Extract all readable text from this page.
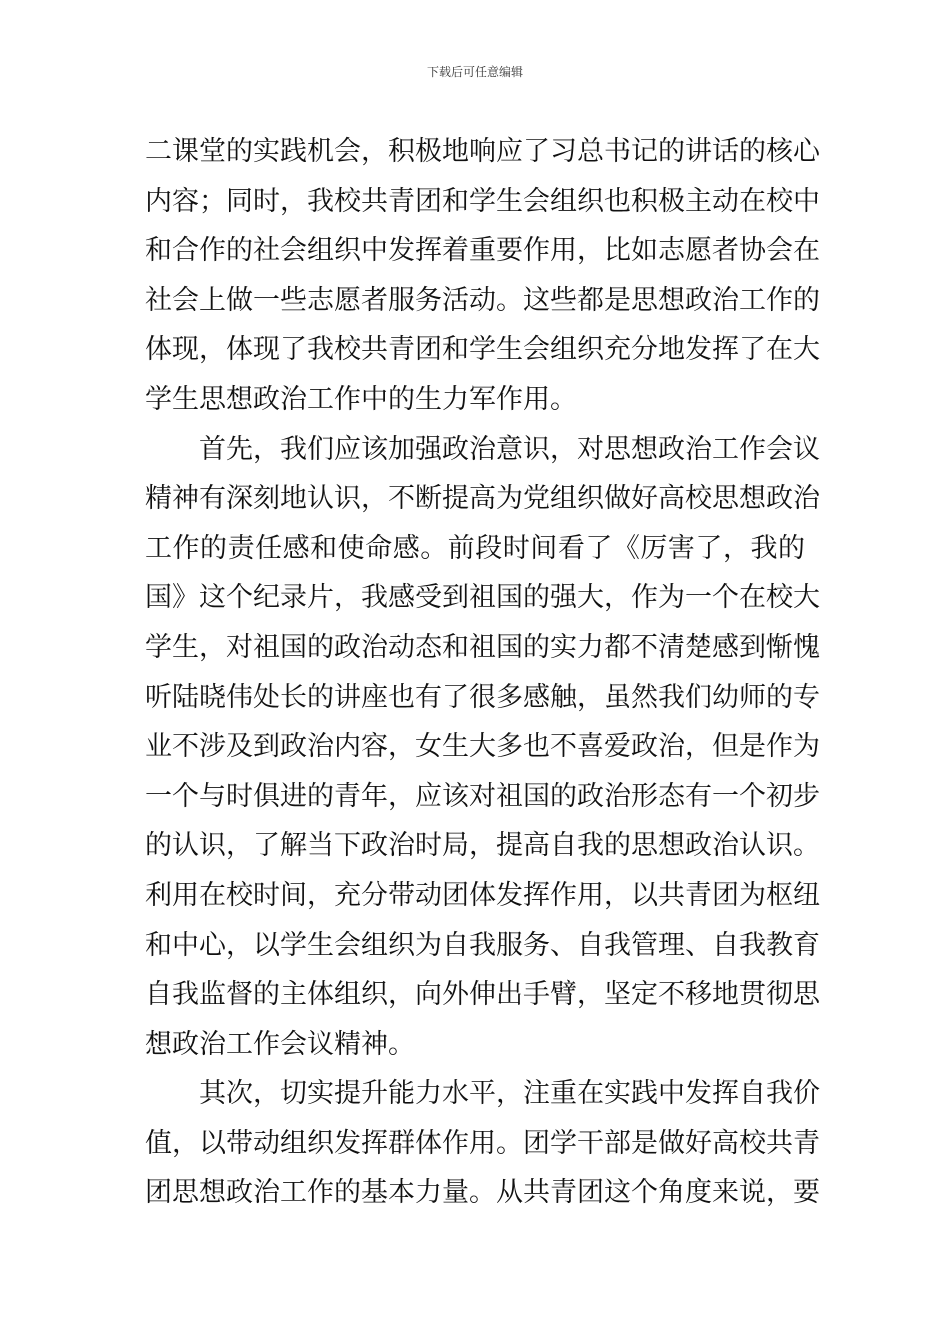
下载后可任意编辑
二课堂的实践机会，积极地响应了习总书记的讲话的核心
内容；同时，我校共青团和学生会组织也积极主动在校中
和合作的社会组织中发挥着重要作用，比如志愿者协会在
社会上做一些志愿者服务活动。这些都是思想政治工作的
体现，体现了我校共青团和学生会组织充分地发挥了在大
学生思想政治工作中的生力军作用。
　　首先，我们应该加强政治意识，对思想政治工作会议
精神有深刻地认识，不断提高为党组织做好高校思想政治
工作的责任感和使命感。前段时间看了《厉害了，我的
国》这个纪录片，我感受到祖国的强大，作为一个在校大
学生，对祖国的政治动态和祖国的实力都不清楚感到惭愧
听陆晓伟处长的讲座也有了很多感触，虽然我们幼师的专
业不涉及到政治内容，女生大多也不喜爱政治，但是作为
一个与时俱进的青年，应该对祖国的政治形态有一个初步
的认识，了解当下政治时局，提高自我的思想政治认识。
利用在校时间，充分带动团体发挥作用，以共青团为枢纽
和中心，以学生会组织为自我服务、自我管理、自我教育
自我监督的主体组织，向外伸出手臂，坚定不移地贯彻思
想政治工作会议精神。
　　其次，切实提升能力水平，注重在实践中发挥自我价
值，以带动组织发挥群体作用。团学干部是做好高校共青
团思想政治工作的基本力量。从共青团这个角度来说，要
